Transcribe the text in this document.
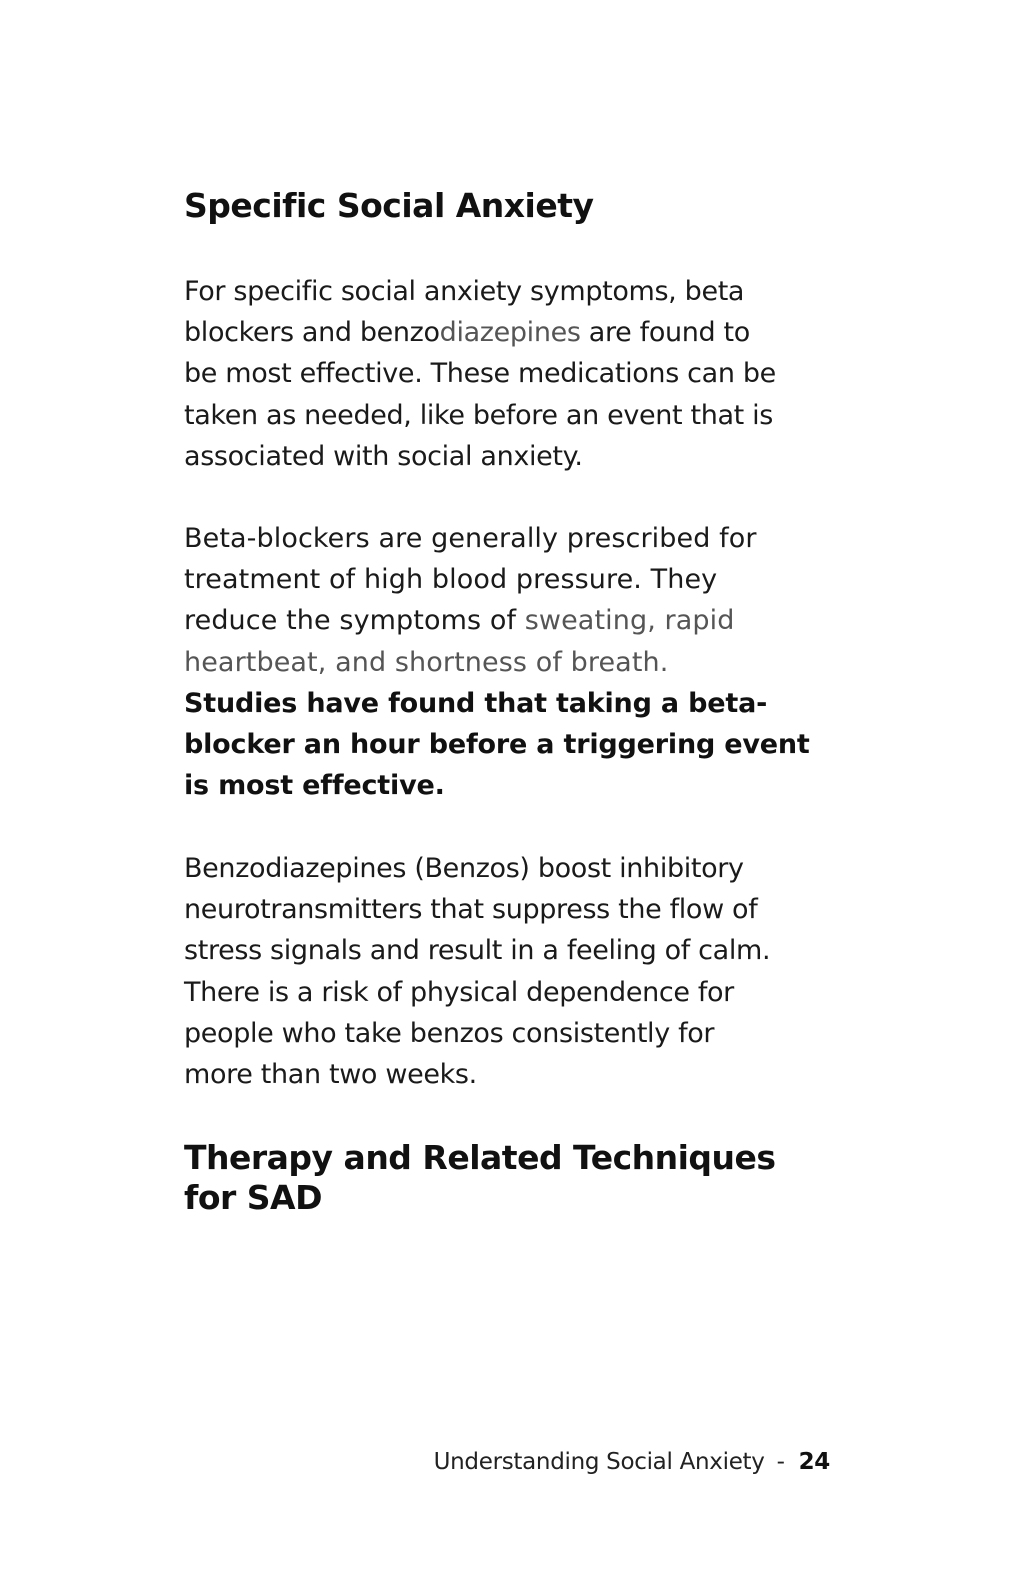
Specific Social Anxiety

For specific social anxiety symptoms, beta
blockers and benzodiazepines are found to
be most effective. These medications can be
taken as needed, like before an event that is
associated with social anxiety.

Beta-blockers are generally prescribed for
treatment of high blood pressure. They
reduce the symptoms of sweating, rapid
heartbeat, and shortness of breath.
Studies have found that taking a beta-
blocker an hour before a triggering event
is most effective.

Benzodiazepines (Benzos) boost inhibitory
neurotransmitters that suppress the flow of
stress signals and result in a feeling of calm.
There is a risk of physical dependence for
people who take benzos consistently for
more than two weeks.

Therapy and Related Techniques
for SAD
Understanding Social Anxiety - 24
